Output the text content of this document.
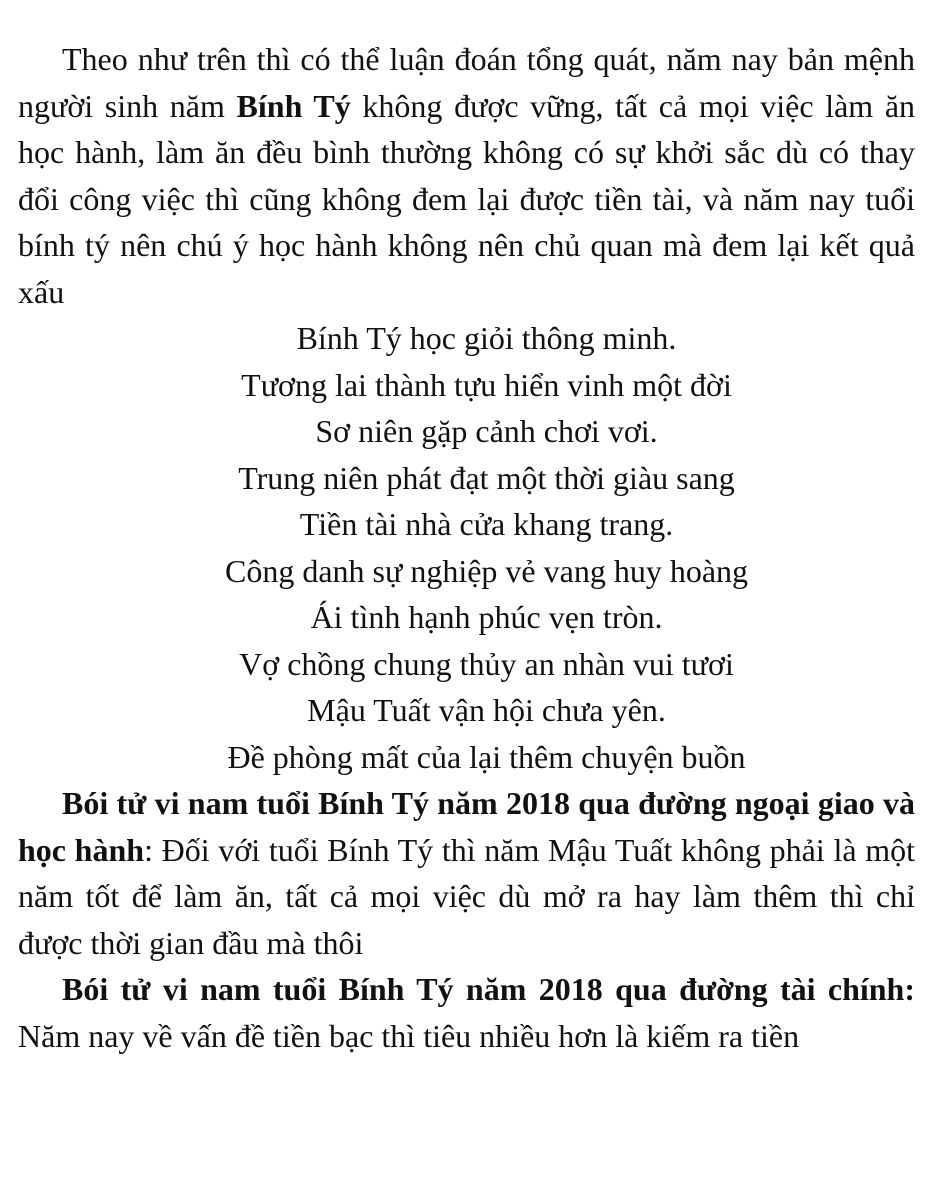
Theo như trên thì có thể luận đoán tổng quát, năm nay bản mệnh người sinh năm Bính Tý không được vững, tất cả mọi việc làm ăn học hành, làm ăn đều bình thường không có sự khởi sắc dù có thay đổi công việc thì cũng không đem lại được tiền tài, và năm nay tuổi bính tý nên chú ý học hành không nên chủ quan mà đem lại kết quả xấu

Bính Tý học giỏi thông minh.
Tương lai thành tựu hiển vinh một đời
Sơ niên gặp cảnh chơi vơi.
Trung niên phát đạt một thời giàu sang
Tiền tài nhà cửa khang trang.
Công danh sự nghiệp vẻ vang huy hoàng
Ái tình hạnh phúc vẹn tròn.
Vợ chồng chung thủy an nhàn vui tươi
Mậu Tuất vận hội chưa yên.
Đề phòng mất của lại thêm chuyện buồn

Bói tử vi nam tuổi Bính Tý năm 2018 qua đường ngoại giao và học hành: Đối với tuổi Bính Tý thì năm Mậu Tuất không phải là một năm tốt để làm ăn, tất cả mọi việc dù mở ra hay làm thêm thì chỉ được thời gian đầu mà thôi

Bói tử vi nam tuổi Bính Tý năm 2018 qua đường tài chính: Năm nay về vấn đề tiền bạc thì tiêu nhiều hơn là kiếm ra tiền
